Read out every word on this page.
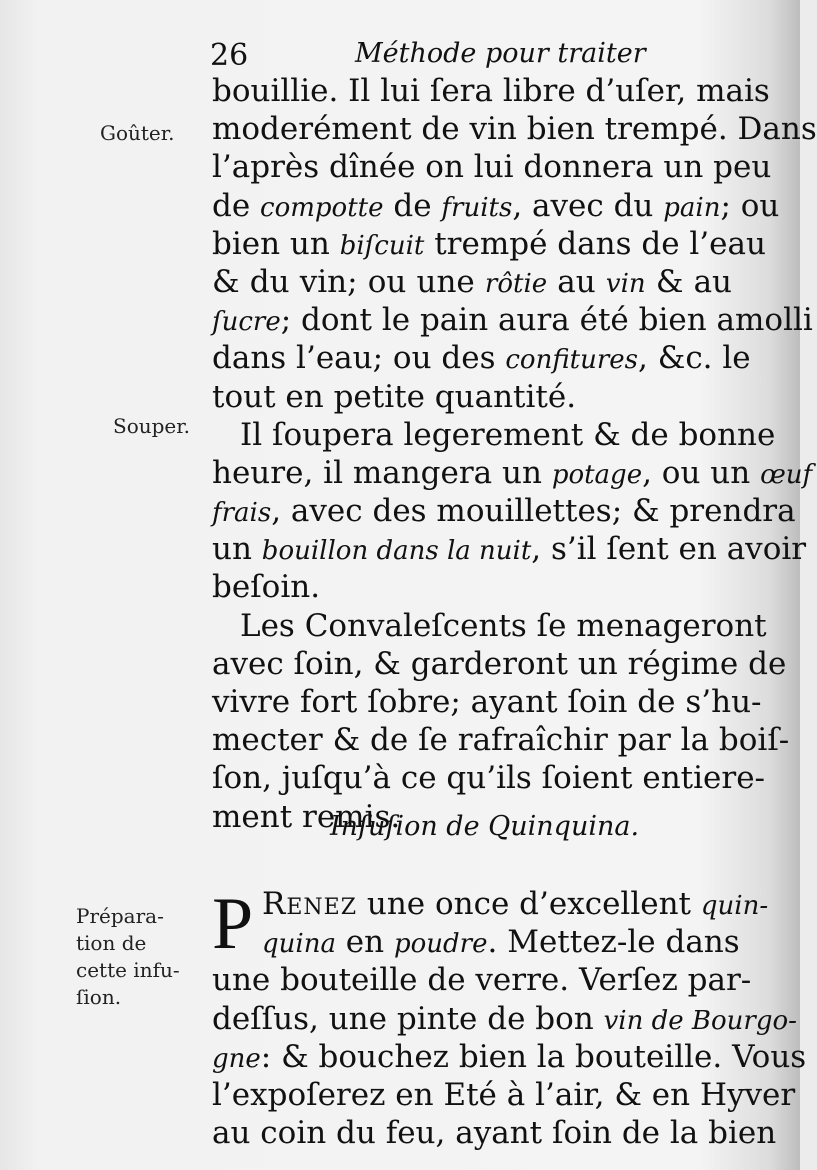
26	Méthode pour traiter
Goûter.
Souper.
Prépara-
tion de
cette infu-
ſion.
bouillie. Il lui ſera libre d’uſer, mais
moderément de vin bien trempé. Dans
l’après dînée on lui donnera un peu
de compotte de fruits, avec du pain; ou
bien un biſcuit trempé dans de l’eau
& du vin; ou une rôtie au vin & au
ſucre; dont le pain aura été bien amolli
dans l’eau; ou des confitures, &c. le
tout en petite quantité.
Il ſoupera legerement & de bonne
heure, il mangera un potage, ou un œuf
frais, avec des mouillettes; & prendra
un bouillon dans la nuit, s’il ſent en avoir
beſoin.
Les Convaleſcents ſe menageront
avec ſoin, & garderont un régime de
vivre fort ſobre; ayant ſoin de s’hu-
mecter & de ſe rafraîchir par la boiſ-
ſon, juſqu’à ce qu’ils ſoient entiere-
ment remis.
Inſuſion de Quinquina.
P Renez une once d’excellent quin-
quina en poudre. Mettez-le dans
une bouteille de verre. Verſez par-
deſſus, une pinte de bon vin de Bourgo-
gne: & bouchez bien la bouteille. Vous
l’expoſerez en Eté à l’air, & en Hyver
au coin du feu, ayant ſoin de la bien
